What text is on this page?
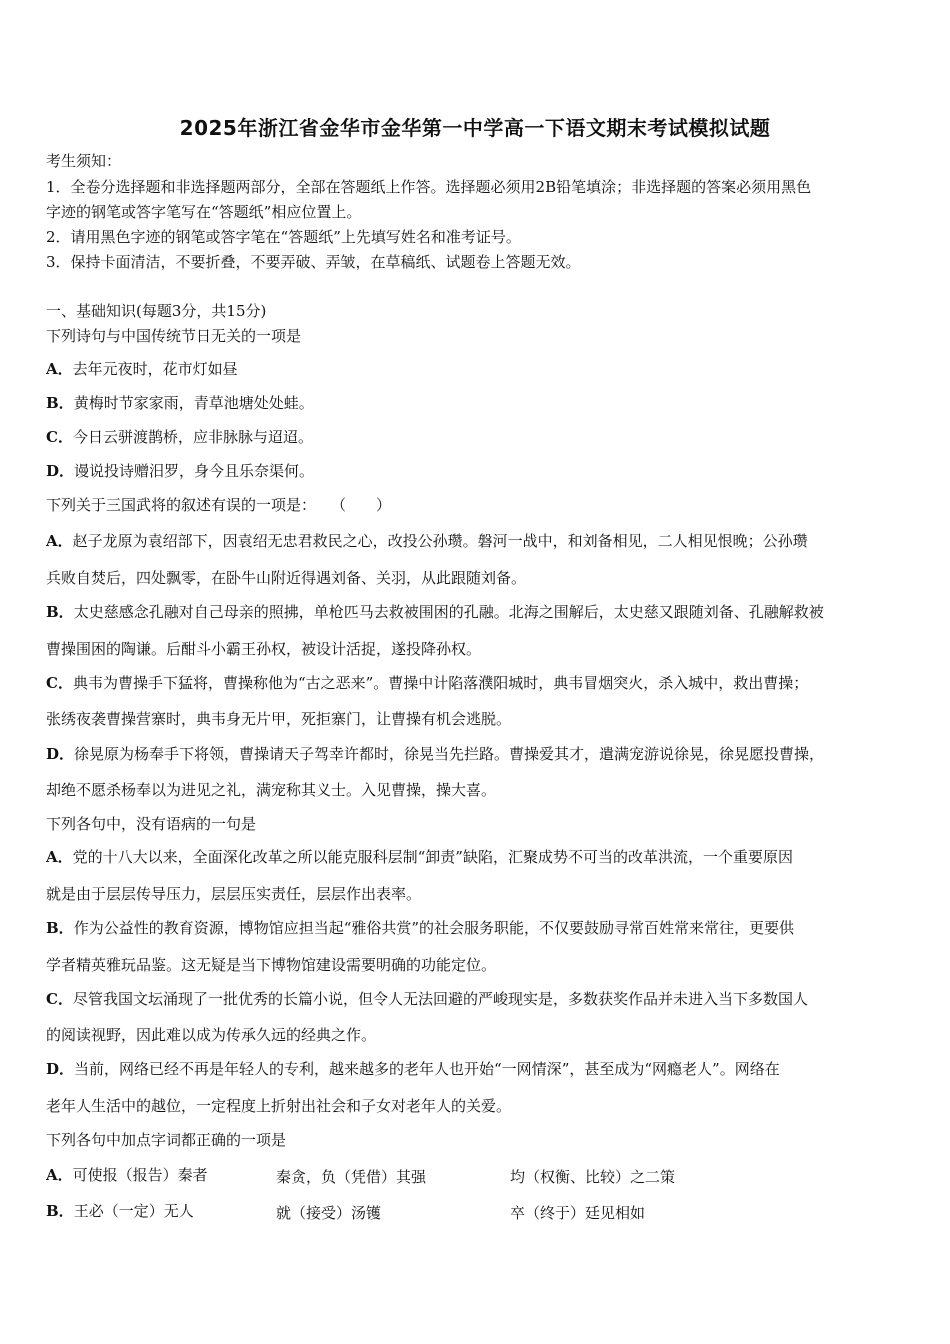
2025年浙江省金华市金华第一中学高一下语文期末考试模拟试题
考生须知：
1．全卷分选择题和非选择题两部分，全部在答题纸上作答。选择题必须用2B铅笔填涂；非选择题的答案必须用黑色
字迹的钢笔或答字笔写在“答题纸”相应位置上。
2．请用黑色字迹的钢笔或答字笔在“答题纸”上先填写姓名和准考证号。
3．保持卡面清洁，不要折叠，不要弄破、弄皱，在草稿纸、试题卷上答题无效。
一、基础知识(每题3分，共15分)
下列诗句与中国传统节日无关的一项是
A．去年元夜时，花市灯如昼
B．黄梅时节家家雨，青草池塘处处蛙。
C．今日云骈渡鹊桥，应非脉脉与迢迢。
D．谩说投诗赠汨罗，身今且乐奈渠何。
下列关于三国武将的叙述有误的一项是：　　（　　）
A．赵子龙原为袁绍部下，因袁绍无忠君救民之心，改投公孙瓒。磐河一战中，和刘备相见，二人相见恨晚；公孙瓒
兵败自焚后，四处飘零，在卧牛山附近得遇刘备、关羽，从此跟随刘备。
B．太史慈感念孔融对自己母亲的照拂，单枪匹马去救被围困的孔融。北海之围解后，太史慈又跟随刘备、孔融解救被
曹操围困的陶谦。后酣斗小霸王孙权，被设计活捉，遂投降孙权。
C．典韦为曹操手下猛将，曹操称他为“古之恶来”。曹操中计陷落濮阳城时，典韦冒烟突火，杀入城中，救出曹操；
张绣夜袭曹操营寨时，典韦身无片甲，死拒寨门，让曹操有机会逃脱。
D．徐晃原为杨奉手下将领，曹操请天子驾幸许都时，徐晃当先拦路。曹操爱其才，遣满宠游说徐晃，徐晃愿投曹操，
却绝不愿杀杨奉以为进见之礼，满宠称其义士。入见曹操，操大喜。
下列各句中，没有语病的一句是
A．党的十八大以来，全面深化改革之所以能克服科层制“卸责”缺陷，汇聚成势不可当的改革洪流，一个重要原因
就是由于层层传导压力，层层压实责任，层层作出表率。
B．作为公益性的教育资源，博物馆应担当起“雅俗共赏”的社会服务职能，不仅要鼓励寻常百姓常来常往，更要供
学者精英雅玩品鉴。这无疑是当下博物馆建设需要明确的功能定位。
C．尽管我国文坛涌现了一批优秀的长篇小说，但令人无法回避的严峻现实是，多数获奖作品并未进入当下多数国人
的阅读视野，因此难以成为传承久远的经典之作。
D．当前，网络已经不再是年轻人的专利，越来越多的老年人也开始“一网情深”，甚至成为“网瘾老人”。网络在
老年人生活中的越位，一定程度上折射出社会和子女对老年人的关爱。
下列各句中加点字词都正确的一项是
A．可使报（报告）秦者	秦贪，负（凭借）其强	均（权衡、比较）之二策
B．王必（一定）无人	就（接受）汤镬	卒（终于）廷见相如
